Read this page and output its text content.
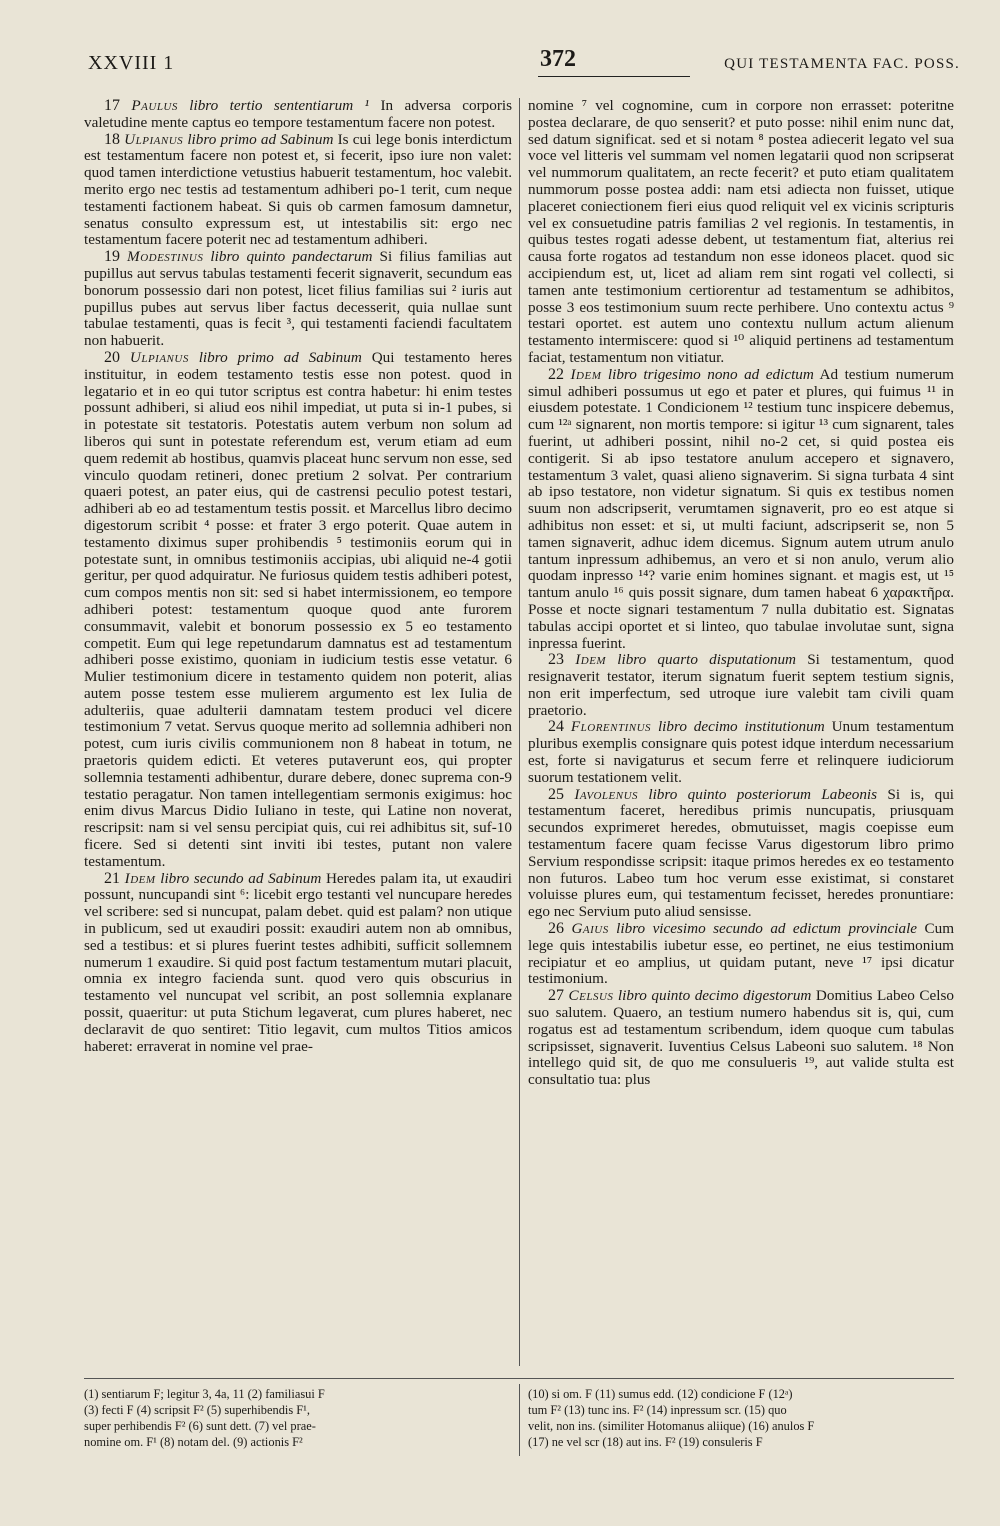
XXVIII 1	372	QUI TESTAMENTA FAC. POSS.

17 Paulus libro tertio sententiarum ¹ In adversa corporis valetudine mente captus eo tempore testamentum facere non potest.

18 Ulpianus libro primo ad Sabinum Is cui lege bonis interdictum est testamentum facere non potest et, si fecerit, ipso iure non valet: quod tamen interdictione vetustius habuerit testamentum, hoc valebit. merito ergo nec testis ad testamentum adhiberi po-1 terit, cum neque testamenti factionem habeat. Si quis ob carmen famosum damnetur, senatus consulto expressum est, ut intestabilis sit: ergo nec testamentum facere poterit nec ad testamentum adhiberi.

19 Modestinus libro quinto pandectarum Si filius familias aut pupillus aut servus tabulas testamenti fecerit signaverit, secundum eas bonorum possessio dari non potest, licet filius familias sui ² iuris aut pupillus pubes aut servus liber factus decesserit, quia nullae sunt tabulae testamenti, quas is fecit ³, qui testamenti faciendi facultatem non habuerit.

20 Ulpianus libro primo ad Sabinum Qui testamento heres instituitur, in eodem testamento testis esse non potest. quod in legatario et in eo qui tutor scriptus est contra habetur: hi enim testes possunt adhiberi, si aliud eos nihil impediat, ut puta si in-1 pubes, si in potestate sit testatoris. Potestatis autem verbum non solum ad liberos qui sunt in potestate referendum est, verum etiam ad eum quem redemit ab hostibus, quamvis placeat hunc servum non esse, sed vinculo quodam retineri, donec pretium 2 solvat. Per contrarium quaeri potest, an pater eius, qui de castrensi peculio potest testari, adhiberi ab eo ad testamentum testis possit. et Marcellus libro decimo digestorum scribit ⁴ posse: et frater 3 ergo poterit. Quae autem in testamento diximus super prohibendis ⁵ testimoniis eorum qui in potestate sunt, in omnibus testimoniis accipias, ubi aliquid ne-4 gotii geritur, per quod adquiratur. Ne furiosus quidem testis adhiberi potest, cum compos mentis non sit: sed si habet intermissionem, eo tempore adhiberi potest: testamentum quoque quod ante furorem consummavit, valebit et bonorum possessio ex 5 eo testamento competit. Eum qui lege repetundarum damnatus est ad testamentum adhiberi posse existimo, quoniam in iudicium testis esse vetatur. 6 Mulier testimonium dicere in testamento quidem non poterit, alias autem posse testem esse mulierem argumento est lex Iulia de adulteriis, quae adulterii damnatam testem produci vel dicere testimonium 7 vetat. Servus quoque merito ad sollemnia adhiberi non potest, cum iuris civilis communionem non 8 habeat in totum, ne praetoris quidem edicti. Et veteres putaverunt eos, qui propter sollemnia testamenti adhibentur, durare debere, donec suprema con-9 testatio peragatur. Non tamen intellegentiam sermonis exigimus: hoc enim divus Marcus Didio Iuliano in teste, qui Latine non noverat, rescripsit: nam si vel sensu percipiat quis, cui rei adhibitus sit, suf-10 ficere. Sed si detenti sint inviti ibi testes, putant non valere testamentum.

21 Idem libro secundo ad Sabinum Heredes palam ita, ut exaudiri possunt, nuncupandi sint ⁶: licebit ergo testanti vel nuncupare heredes vel scribere: sed si nuncupat, palam debet. quid est palam? non utique in publicum, sed ut exaudiri possit: exaudiri autem non ab omnibus, sed a testibus: et si plures fuerint testes adhibiti, sufficit sollemnem numerum 1 exaudire. Si quid post factum testamentum mutari placuit, omnia ex integro facienda sunt. quod vero quis obscurius in testamento vel nuncupat vel scribit, an post sollemnia explanare possit, quaeritur: ut puta Stichum legaverat, cum plures haberet, nec declaravit de quo sentiret: Titio legavit, cum multos Titios amicos haberet: erraverat in nomine vel prae-

nomine ⁷ vel cognomine, cum in corpore non errasset: poteritne postea declarare, de quo senserit? et puto posse: nihil enim nunc dat, sed datum significat. sed et si notam ⁸ postea adiecerit legato vel sua voce vel litteris vel summam vel nomen legatarii quod non scripserat vel nummorum qualitatem, an recte fecerit? et puto etiam qualitatem nummorum posse postea addi: nam etsi adiecta non fuisset, utique placeret coniectionem fieri eius quod reliquit vel ex vicinis scripturis vel ex consuetudine patris familias 2 vel regionis. In testamentis, in quibus testes rogati adesse debent, ut testamentum fiat, alterius rei causa forte rogatos ad testandum non esse idoneos placet. quod sic accipiendum est, ut, licet ad aliam rem sint rogati vel collecti, si tamen ante testimonium certiorentur ad testamentum se adhibitos, posse 3 eos testimonium suum recte perhibere. Uno contextu actus ⁹ testari oportet. est autem uno contextu nullum actum alienum testamento intermiscere: quod si ¹⁰ aliquid pertinens ad testamentum faciat, testamentum non vitiatur.

22 Idem libro trigesimo nono ad edictum Ad testium numerum simul adhiberi possumus ut ego et pater et plures, qui fuimus ¹¹ in eiusdem potestate. 1 Condicionem ¹² testium tunc inspicere debemus, cum ¹²ᵃ signarent, non mortis tempore: si igitur ¹³ cum signarent, tales fuerint, ut adhiberi possint, nihil no-2 cet, si quid postea eis contigerit. Si ab ipso testatore anulum accepero et signavero, testamentum 3 valet, quasi alieno signaverim. Si signa turbata 4 sint ab ipso testatore, non videtur signatum. Si quis ex testibus nomen suum non adscripserit, verumtamen signaverit, pro eo est atque si adhibitus non esset: et si, ut multi faciunt, adscripserit se, non 5 tamen signaverit, adhuc idem dicemus. Signum autem utrum anulo tantum inpressum adhibemus, an vero et si non anulo, verum alio quodam inpresso ¹⁴? varie enim homines signant. et magis est, ut ¹⁵ tantum anulo ¹⁶ quis possit signare, dum tamen habeat 6 χαρακτῆρα. Posse et nocte signari testamentum 7 nulla dubitatio est. Signatas tabulas accipi oportet et si linteo, quo tabulae involutae sunt, signa inpressa fuerint.

23 Idem libro quarto disputationum Si testamentum, quod resignaverit testator, iterum signatum fuerit septem testium signis, non erit imperfectum, sed utroque iure valebit tam civili quam praetorio.

24 Florentinus libro decimo institutionum Unum testamentum pluribus exemplis consignare quis potest idque interdum necessarium est, forte si navigaturus et secum ferre et relinquere iudiciorum suorum testationem velit.

25 Iavolenus libro quinto posteriorum Labeonis Si is, qui testamentum faceret, heredibus primis nuncupatis, priusquam secundos exprimeret heredes, obmutuisset, magis coepisse eum testamentum facere quam fecisse Varus digestorum libro primo Servium respondisse scripsit: itaque primos heredes ex eo testamento non futuros. Labeo tum hoc verum esse existimat, si constaret voluisse plures eum, qui testamentum fecisset, heredes pronuntiare: ego nec Servium puto aliud sensisse.

26 Gaius libro vicesimo secundo ad edictum provinciale Cum lege quis intestabilis iubetur esse, eo pertinet, ne eius testimonium recipiatur et eo amplius, ut quidam putant, neve ¹⁷ ipsi dicatur testimonium.

27 Celsus libro quinto decimo digestorum Domitius Labeo Celso suo salutem. Quaero, an testium numero habendus sit is, qui, cum rogatus est ad testamentum scribendum, idem quoque cum tabulas scripsisset, signaverit. Iuventius Celsus Labeoni suo salutem. ¹⁸ Non intellego quid sit, de quo me consulueris ¹⁹, aut valide stulta est consultatio tua: plus

(1) sentiarum F; legitur 3, 4a, 11 (2) familiasui F
(3) fecti F (4) scripsit F² (5) superhibendis F¹,
super perhibendis F² (6) sunt dett. (7) vel prae-
nomine om. F¹ (8) notam del. (9) actionis F²
(10) si om. F (11) sumus edd. (12) condicione F (12ᵃ)
tum F² (13) tunc ins. F² (14) inpressum scr. (15) quo
velit, non ins. (similiter Hotomanus aliique) (16) anulos F
(17) ne vel scr (18) aut ins. F² (19) consuleris F
